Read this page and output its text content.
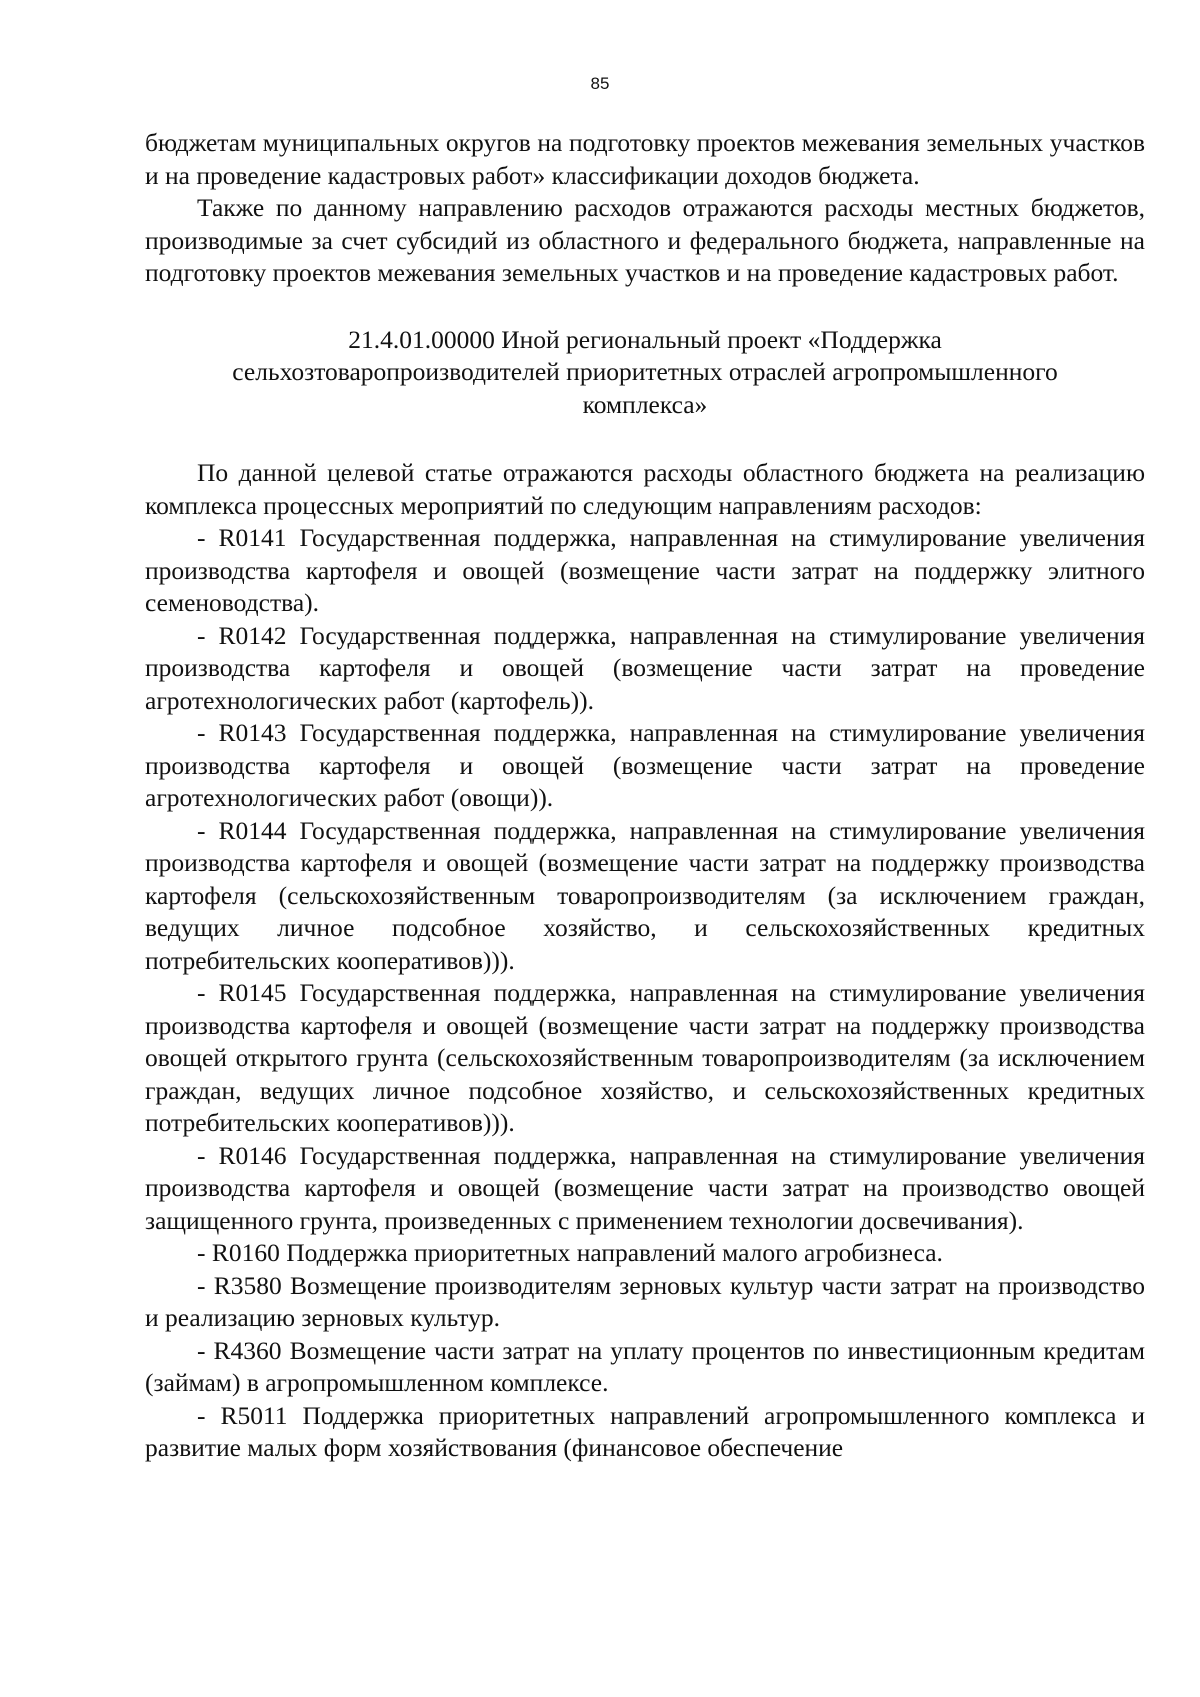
85

бюджетам муниципальных округов на подготовку проектов межевания земельных участков и на проведение кадастровых работ» классификации доходов бюджета.

Также по данному направлению расходов отражаются расходы местных бюджетов, производимые за счет субсидий из областного и федерального бюджета, направленные на подготовку проектов межевания земельных участков и на проведение кадастровых работ.

21.4.01.00000 Иной региональный проект «Поддержка сельхозтоваропроизводителей приоритетных отраслей агропромышленного комплекса»

По данной целевой статье отражаются расходы областного бюджета на реализацию комплекса процессных мероприятий по следующим направлениям расходов:

- R0141 Государственная поддержка, направленная на стимулирование увеличения производства картофеля и овощей (возмещение части затрат на поддержку элитного семеноводства).

- R0142 Государственная поддержка, направленная на стимулирование увеличения производства картофеля и овощей (возмещение части затрат на проведение агротехнологических работ (картофель)).

- R0143 Государственная поддержка, направленная на стимулирование увеличения производства картофеля и овощей (возмещение части затрат на проведение агротехнологических работ (овощи)).

- R0144 Государственная поддержка, направленная на стимулирование увеличения производства картофеля и овощей (возмещение части затрат на поддержку производства картофеля (сельскохозяйственным товаропроизводителям (за исключением граждан, ведущих личное подсобное хозяйство, и сельскохозяйственных кредитных потребительских кооперативов))).

- R0145 Государственная поддержка, направленная на стимулирование увеличения производства картофеля и овощей (возмещение части затрат на поддержку производства овощей открытого грунта (сельскохозяйственным товаропроизводителям (за исключением граждан, ведущих личное подсобное хозяйство, и сельскохозяйственных кредитных потребительских кооперативов))).

- R0146 Государственная поддержка, направленная на стимулирование увеличения производства картофеля и овощей (возмещение части затрат на производство овощей защищенного грунта, произведенных с применением технологии досвечивания).

- R0160 Поддержка приоритетных направлений малого агробизнеса.

- R3580 Возмещение производителям зерновых культур части затрат на производство и реализацию зерновых культур.

- R4360 Возмещение части затрат на уплату процентов по инвестиционным кредитам (займам) в агропромышленном комплексе.

- R5011 Поддержка приоритетных направлений агропромышленного комплекса и развитие малых форм хозяйствования (финансовое обеспечение
